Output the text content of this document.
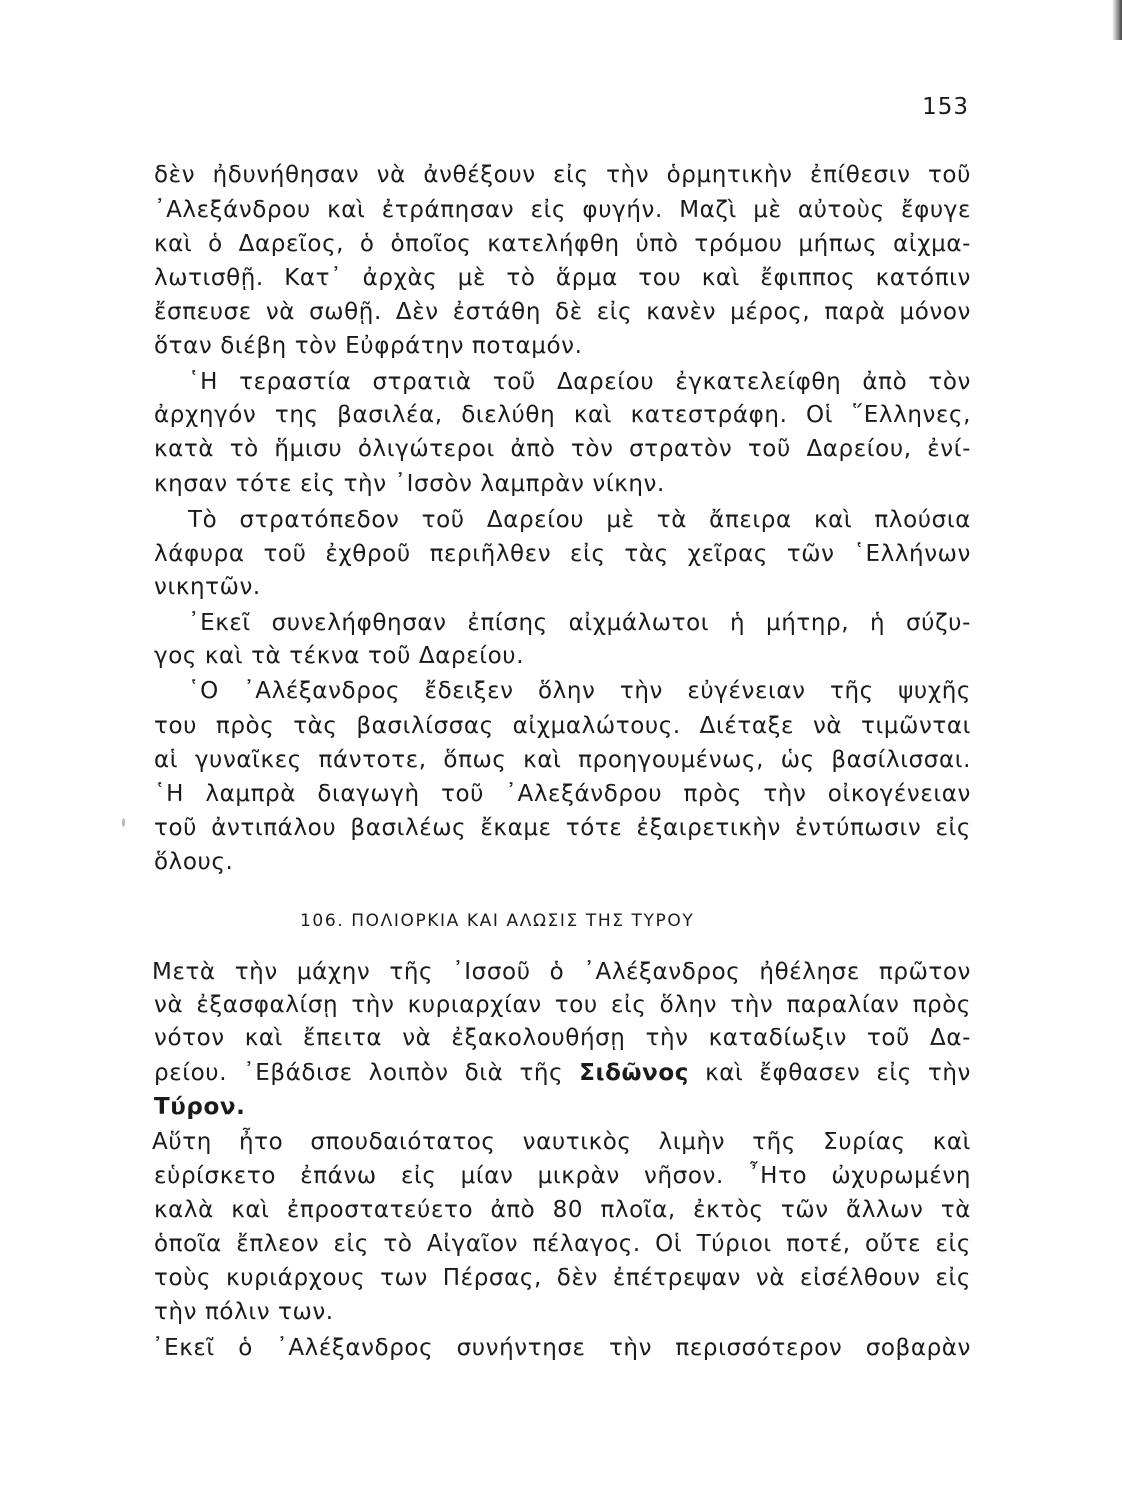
153
δὲν ἠδυνήθησαν νὰ ἀνθέξουν εἰς τὴν ὁρμητικὴν ἐπίθεσιν τοῦ
᾿Αλεξάνδρου καὶ ἐτράπησαν εἰς φυγήν. Μαζὶ μὲ αὐτοὺς ἔφυγε
καὶ ὁ Δαρεῖος, ὁ ὁποῖος κατελήφθη ὑπὸ τρόμου μήπως αἰχμα-
λωτισθῇ. Κατ᾿ ἀρχὰς μὲ τὸ ἅρμα του καὶ ἔφιππος κατόπιν
ἔσπευσε νὰ σωθῇ. Δὲν ἐστάθη δὲ εἰς κανὲν μέρος, παρὰ μόνον
ὅταν διέβη τὸν Εὐφράτην ποταμόν.
῾Η τεραστία στρατιὰ τοῦ Δαρείου ἐγκατελείφθη ἀπὸ τὸν
ἀρχηγόν της βασιλέα, διελύθη καὶ κατεστράφη. Οἱ ῞Ελληνες,
κατὰ τὸ ἥμισυ ὀλιγώτεροι ἀπὸ τὸν στρατὸν τοῦ Δαρείου, ἐνί-
κησαν τότε εἰς τὴν ᾿Ισσὸν λαμπρὰν νίκην.
Τὸ στρατόπεδον τοῦ Δαρείου μὲ τὰ ἄπειρα καὶ πλούσια
λάφυρα τοῦ ἐχθροῦ περιῆλθεν εἰς τὰς χεῖρας τῶν ῾Ελλήνων
νικητῶν.
᾿Εκεῖ συνελήφθησαν ἐπίσης αἰχμάλωτοι ἡ μήτηρ, ἡ σύζυ-
γος καὶ τὰ τέκνα τοῦ Δαρείου.
῾Ο ᾿Αλέξανδρος ἔδειξεν ὅλην τὴν εὐγένειαν τῆς ψυχῆς
του πρὸς τὰς βασιλίσσας αἰχμαλώτους. Διέταξε νὰ τιμῶνται
αἱ γυναῖκες πάντοτε, ὅπως καὶ προηγουμένως, ὡς βασίλισσαι.
῾Η λαμπρὰ διαγωγὴ τοῦ ᾿Αλεξάνδρου πρὸς τὴν οἰκογένειαν
τοῦ ἀντιπάλου βασιλέως ἔκαμε τότε ἐξαιρετικὴν ἐντύπωσιν εἰς
ὅλους.
106. ΠΟΛΙΟΡΚΙΑ ΚΑΙ ΑΛΩΣΙΣ ΤΗΣ ΤΥΡΟΥ
Μετὰ τὴν μάχην τῆς ᾿Ισσοῦ ὁ ᾿Αλέξανδρος ἠθέλησε πρῶτον
νὰ ἐξασφαλίσῃ τὴν κυριαρχίαν του εἰς ὅλην τὴν παραλίαν πρὸς
νότον καὶ ἔπειτα νὰ ἐξακολουθήσῃ τὴν καταδίωξιν τοῦ Δα-
ρείου. ᾿Εβάδισε λοιπὸν διὰ τῆς Σιδῶνος καὶ ἔφθασεν εἰς τὴν
Τύρον.
Αὕτη ἦτο σπουδαιότατος ναυτικὸς λιμὴν τῆς Συρίας καὶ
εὑρίσκετο ἐπάνω εἰς μίαν μικρὰν νῆσον. ῏Ητο ὠχυρωμένη
καλὰ καὶ ἐπροστατεύετο ἀπὸ 80 πλοῖα, ἐκτὸς τῶν ἄλλων τὰ
ὁποῖα ἔπλεον εἰς τὸ Αἰγαῖον πέλαγος. Οἱ Τύριοι ποτέ, οὔτε εἰς
τοὺς κυριάρχους των Πέρσας, δὲν ἐπέτρεψαν νὰ εἰσέλθουν εἰς
τὴν πόλιν των.
᾿Εκεῖ ὁ ᾿Αλέξανδρος συνήντησε τὴν περισσότερον σοβαρὰν
